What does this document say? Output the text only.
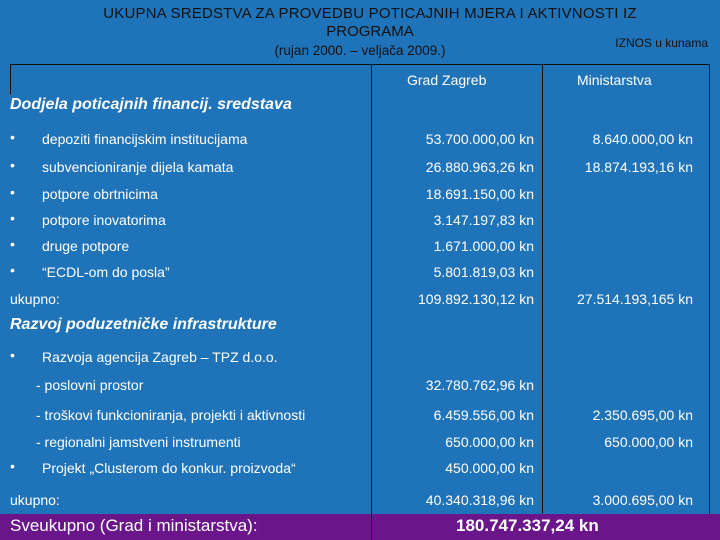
UKUPNA SREDSTVA ZA PROVEDBU POTICAJNIH MJERA I AKTIVNOSTI IZ
PROGRAMA
(rujan 2000. – veljača 2009.)	IZNOS u kunama
Grad Zagreb	Ministarstva
Dodjela poticajnih financij. sredstava
• depoziti financijskim institucijama	53.700.000,00 kn	8.640.000,00 kn
• subvencioniranje dijela kamata	26.880.963,26 kn	18.874.193,16 kn
• potpore obrtnicima	18.691.150,00 kn
• potpore inovatorima	3.147.197,83 kn
• druge potpore	1.671.000,00 kn
• “ECDL-om do posla”	5.801.819,03 kn
ukupno:	109.892.130,12 kn	27.514.193,165 kn
Razvoj poduzetničke infrastrukture
• Razvoja agencija Zagreb – TPZ d.o.o.
- poslovni prostor	32.780.762,96 kn
- troškovi funkcioniranja, projekti i aktivnosti	6.459.556,00 kn	2.350.695,00 kn
- regionalni jamstveni instrumenti	650.000,00 kn	650.000,00 kn
• Projekt „Clusterom do konkur. proizvoda“	450.000,00 kn
ukupno:	40.340.318,96 kn	3.000.695,00 kn
Sveukupno (Grad i ministarstva):	180.747.337,24 kn
